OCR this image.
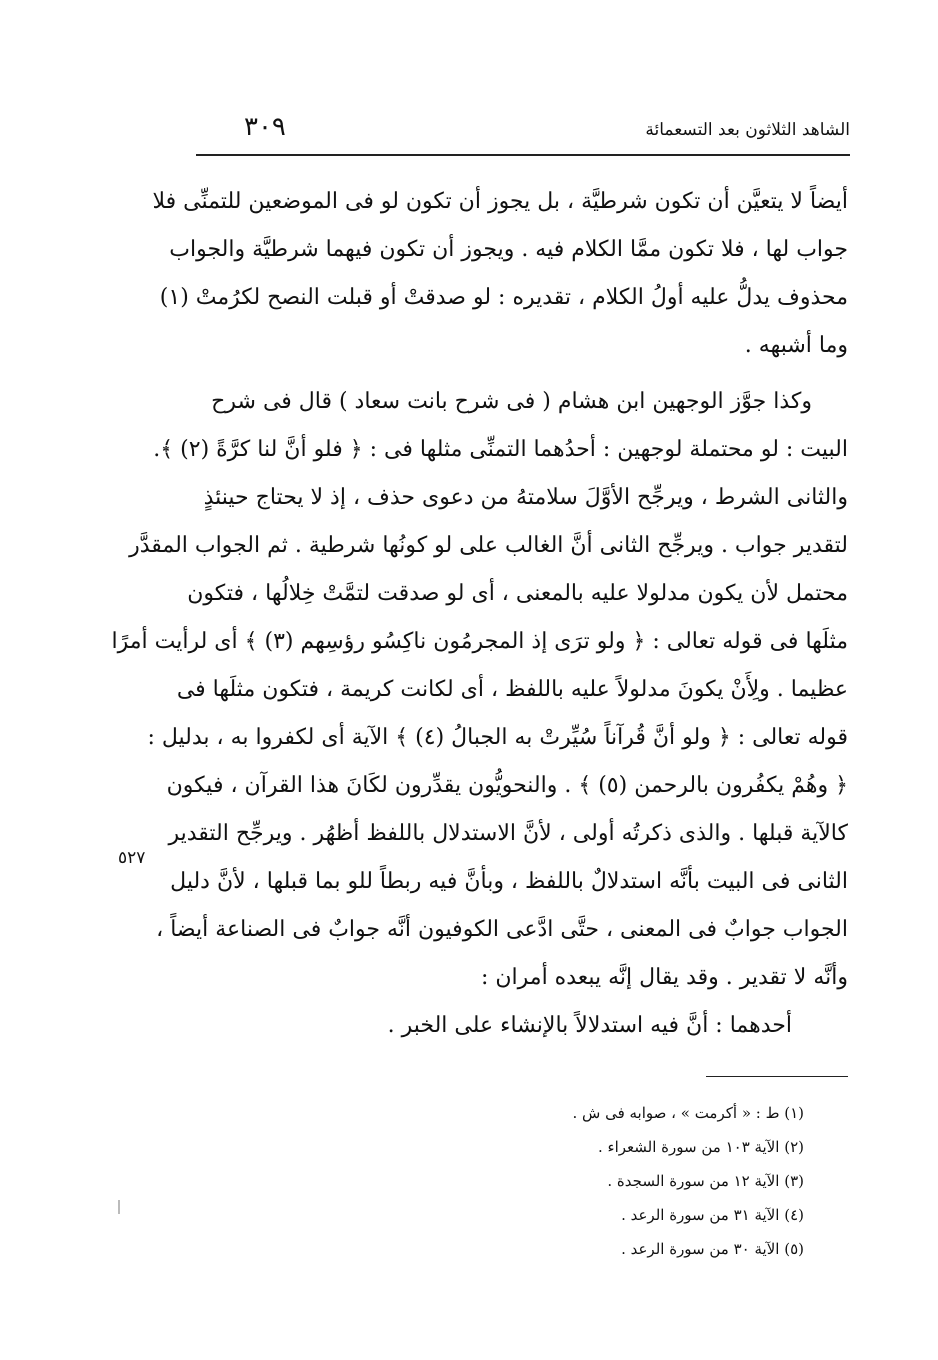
الشاهد الثلاثون بعد التسعمائة
٣٠٩
٥٢٧
أيضاً لا يتعيَّن أن تكون شرطيَّة ، بل يجوز أن تكون لو فى الموضعين للتمنِّى فلا
جواب لها ، فلا تكون ممَّا الكلام فيه . ويجوز أن تكون فيهما شرطيَّة والجواب
محذوف يدلُّ عليه أولُ الكلام ، تقديره : لو صدقتْ أو قبلت النصح لكرُمتْ (١)
وما أشبهه .
وكذا جوَّز الوجهين ابن هشام ( فى شرح بانت سعاد ) قال فى شرح
البيت : لو محتملة لوجهين : أحدُهما التمنِّى مثلها فى : ﴿ فلو أنَّ لنا كرَّةً (٢) ﴾.
والثانى الشرط ، ويرجِّح الأوَّلَ سلامتهُ من دعوى حذف ، إذ لا يحتاج حينئذٍ
لتقدير جواب . ويرجِّح الثانى أنَّ الغالب على لو كونُها شرطية . ثم الجواب المقدَّر
محتمل لأن يكون مدلولا عليه بالمعنى ، أى لو صدقت لتمَّتْ خِلالُها ، فتكون
مثلَها فى قوله تعالى : ﴿ ولو ترَى إذ المجرمُون ناكِسُو رؤسِهم (٣) ﴾ أى لرأيت أمرًا
عظيما . ولِأَنْ يكونَ مدلولاً عليه باللفظ ، أى لكانت كريمة ، فتكون مثلَها فى
قوله تعالى : ﴿ ولو أنَّ قُرآناً سُيِّرتْ به الجبالُ (٤) ﴾ الآية أى لكفروا به ، بدليل :
﴿ وهُمْ يكفُرون بالرحمن (٥) ﴾ . والنحويُّون يقدِّرون لكَانَ هذا القرآن ، فيكون
كالآية قبلها . والذى ذكرتُه أولى ، لأنَّ الاستدلال باللفظ أظهُر . ويرجِّح التقدير
الثانى فى البيت بأنَّه استدلالٌ باللفظ ، وبأنَّ فيه ربطاً للو بما قبلها ، لأنَّ دليل
الجواب جوابٌ فى المعنى ، حتَّى ادَّعى الكوفيون أنَّه جوابٌ فى الصناعة أيضاً ،
وأنَّه لا تقدير . وقد يقال إنَّه يبعده أمران :
أحدهما : أنَّ فيه استدلالاً بالإنشاء على الخبر .
(١) ط : « أكرمت » ، صوابه فى ش .
(٢) الآية ١٠٣ من سورة الشعراء .
(٣) الآية ١٢ من سورة السجدة .
(٤) الآية ٣١ من سورة الرعد .
(٥) الآية ٣٠ من سورة الرعد .
